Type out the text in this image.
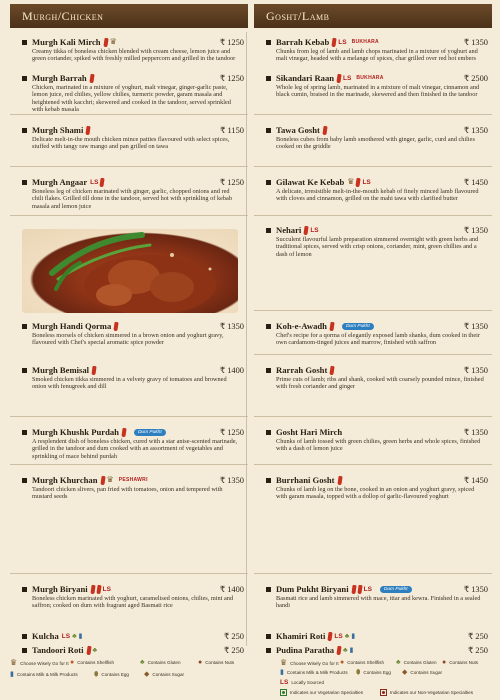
Murgh/Chicken
Murgh Kali Mirch ♛	₹ 1250
Creamy tikka of boneless chicken blended with cream cheese, lemon juice and green coriander, spiked with freshly milled peppercorn and grilled in the tandoor
Murgh Barrah	₹ 1250
Chicken, marinated in a mixture of yoghurt, malt vinegar, ginger-garlic paste, lemon juice, red chilies, yellow chilies, turmeric powder, garam masala and heightened with kacchri; skewered and cooked in the tandoor, served sprinkled with kebab masala
Murgh Shami	₹ 1150
Delicate melt-in-the mouth chicken mince patties flavoured with select spices, stuffed with tangy raw mango and pan grilled on tawa
Murgh Angaar LS	₹ 1250
Boneless leg of chicken marinated with ginger, garlic, chopped onions and red chili flakes. Grilled till done in the tandoor, served hot with sprinkling of kebab masala and lemon juice
Murgh Handi Qorma	₹ 1350
Boneless morsels of chicken simmered in a brown onion and yoghurt gravy, flavoured with Chef's special aromatic spice powder
Murgh Bemisal	₹ 1400
Smoked chicken tikka simmered in a velvety gravy of tomatoes and browned onion with fenugreek and dill
Murgh Khushk Purdah	Dum Pukht	₹ 1250
A resplendent dish of boneless chicken, cured with a star anise-scented marinade, grilled in the tandoor and dum cooked with an assortment of vegetables and sprinkling of mace behind purdah
Murgh Khurchan ♛ PESHAWRI	₹ 1350
Tandoori chicken slivers, pan fried with tomatoes, onion and tempered with mustard seeds
Murgh Biryani LS	₹ 1400
Boneless chicken marinated with yoghurt, caramelised onions, chilies, mint and saffron; cooked on dum with fragrant aged Basmati rice
Kulcha LS ♣ ▮	₹ 250
Tandoori Roti ♣	₹ 250
Gosht/Lamb
Barrah Kebab LS BUKHARA	₹ 1350
Chunks from leg of lamb and lamb chops marinated in a mixture of yoghurt and malt vinegar, headed with a melange of spices, char grilled over red hot embers
Sikandari Raan LS BUKHARA	₹ 2500
Whole leg of spring lamb, marinated in a mixture of malt vinegar, cinnamon and black cumin, braised in the marinade, skewered and then finished in the tandoor
Tawa Gosht	₹ 1350
Boneless cubes from baby lamb smothered with ginger, garlic, curd and chilies cooked on the griddle
Gilawat Ke Kebab ♛ LS	₹ 1450
A delicate, irresistible melt-in-the-mouth kebab of finely minced lamb flavoured with cloves and cinnamon, grilled on the mahi tawa with clarified butter
Nehari LS	₹ 1350
Succulent flavourful lamb preparation simmered overnight with green herbs and traditional spices, served with crisp onions, coriander, mint, green chillies and a dash of lemon
Koh-e-Awadh	Dum Pukht	₹ 1350
Chef's recipe for a qorma of elegantly exposed lamb shanks, dum cooked in their own cardamom-tinged juices and marrow, finished with saffron
Rarrah Gosht	₹ 1350
Prime cuts of lamb; ribs and shank, cooked with coarsely pounded mince, finished with fresh coriander and ginger
Gosht Hari Mirch	₹ 1350
Chunks of lamb tossed with green chilies, green herbs and whole spices, finished with a dash of lemon juice
Burrhani Gosht	₹ 1450
Chunks of lamb leg on the bone, cooked in an onion and yoghurt gravy, spiced with garam masala, topped with a dollop of garlic-flavoured yoghurt
Dum Pukht Biryani LS	Dum Pukht	₹ 1350
Basmati rice and lamb simmered with mace, ittar and kewra. Finished in a sealed handi
Khamiri Roti LS ♣ ▮	₹ 250
Pudina Paratha ♣ ▮	₹ 250
♛ Choose Wisely Go for It ● Contains Shellfish	♣ Contains Gluten ● Contains Nuts
▮ Contains Milk & Milk Products ⬮ Contains Egg ◆ Contains Sugar
♛ Choose Wisely Go for It ● Contains Shellfish ♣ Contains Gluten ● Contains Nuts
▮ Contains Milk & Milk Products ⬮ Contains Egg ◆ Contains Sugar
LS Locally Sourced
Indicates our Vegetarian Specialties	Indicates our Non-Vegetarian Specialties
